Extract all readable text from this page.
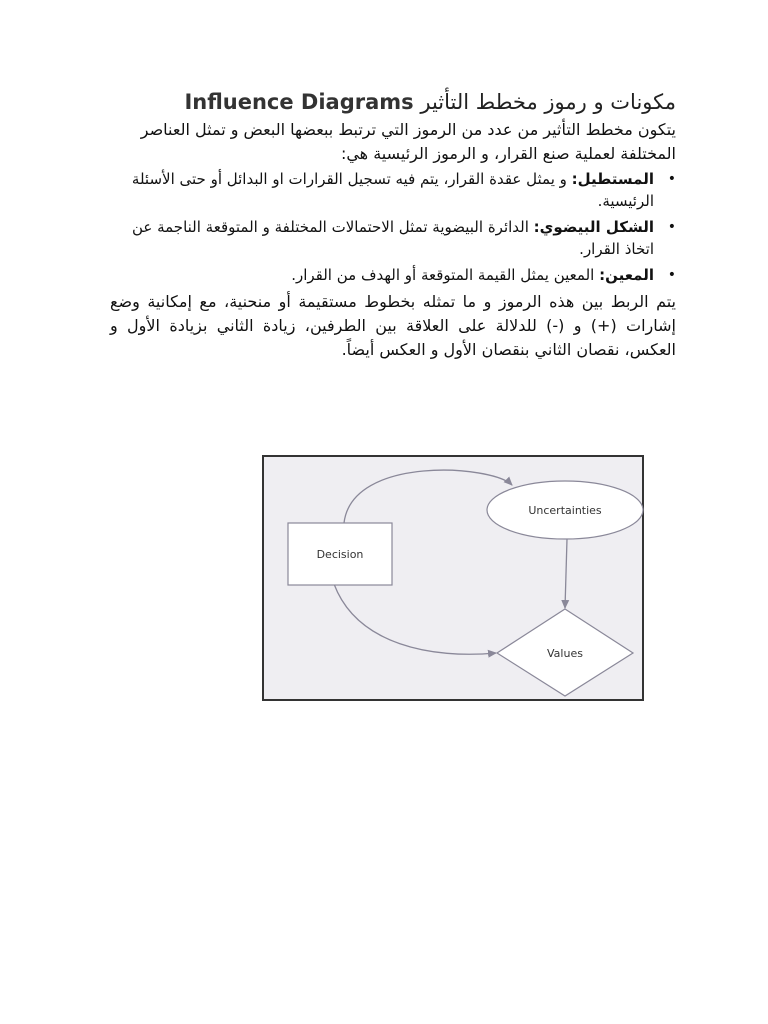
مكونات و رموز مخطط التأثير Influence Diagrams

يتكون مخطط التأثير من عدد من الرموز التي ترتبط ببعضها البعض و تمثل العناصر المختلفة لعملية صنع القرار، و الرموز الرئيسية هي:

• المستطيل: و يمثل عقدة القرار، يتم فيه تسجيل القرارات او البدائل أو حتى الأسئلة الرئيسية.
• الشكل البيضوي: الدائرة البيضوية تمثل الاحتمالات المختلفة و المتوقعة الناجمة عن اتخاذ القرار.
• المعين: المعين يمثل القيمة المتوقعة أو الهدف من القرار.

يتم الربط بين هذه الرموز و ما تمثله بخطوط مستقيمة أو منحنية، مع إمكانية وضع إشارات (+) و (-) للدلالة على العلاقة بين الطرفين، زيادة الثاني بزيادة الأول و العكس، نقصان الثاني بنقصان الأول و العكس أيضاً.

Decision
Uncertainties
Values
